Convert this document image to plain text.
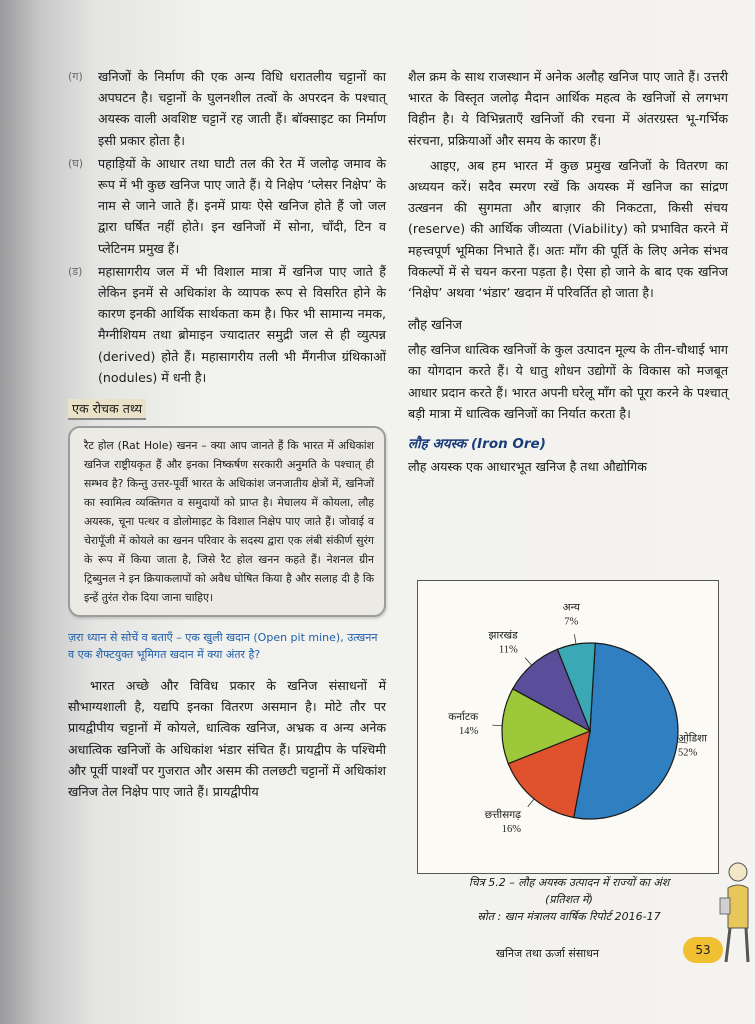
(ग) खनिजों के निर्माण की एक अन्य विधि धरातलीय चट्टानों का अपघटन है। चट्टानों के घुलनशील तत्वों के अपरदन के पश्चात् अयस्क वाली अवशिष्ट चट्टानें रह जाती हैं। बॉक्साइट का निर्माण इसी प्रकार होता है।

(घ) पहाड़ियों के आधार तथा घाटी तल की रेत में जलोढ़ जमाव के रूप में भी कुछ खनिज पाए जाते हैं। ये निक्षेप ‘प्लेसर निक्षेप’ के नाम से जाने जाते हैं। इनमें प्रायः ऐसे खनिज होते हैं जो जल द्वारा घर्षित नहीं होते। इन खनिजों में सोना, चाँदी, टिन व प्लेटिनम प्रमुख हैं।

(ड) महासागरीय जल में भी विशाल मात्रा में खनिज पाए जाते हैं लेकिन इनमें से अधिकांश के व्यापक रूप से विसरित होने के कारण इनकी आर्थिक सार्थकता कम है। फिर भी सामान्य नमक, मैग्नीशियम तथा ब्रोमाइन ज्यादातर समुद्री जल से ही व्युत्पन्न (derived) होते हैं। महासागरीय तली भी मैंगनीज ग्रंथिकाओं (nodules) में धनी है।

एक रोचक तथ्य

रैट होल (Rat Hole) खनन – क्या आप जानते हैं कि भारत में अधिकांश खनिज राष्ट्रीयकृत हैं और इनका निष्कर्षण सरकारी अनुमति के पश्चात् ही सम्भव है? किन्तु उत्तर-पूर्वी भारत के अधिकांश जनजातीय क्षेत्रों में, खनिजों का स्वामित्व व्यक्तिगत व समुदायों को प्राप्त है। मेघालय में कोयला, लौह अयस्क, चूना पत्थर व डोलोमाइट के विशाल निक्षेप पाए जाते हैं। जोवाई व चेरापूँजी में कोयले का खनन परिवार के सदस्य द्वारा एक लंबी संकीर्ण सुरंग के रूप में किया जाता है, जिसे रैट होल खनन कहते हैं। नेशनल ग्रीन ट्रिब्युनल ने इन क्रियाकलापों को अवैध घोषित किया है और सलाह दी है कि इन्हें तुरंत रोक दिया जाना चाहिए।

ज़रा ध्यान से सोचें व बताएँ – एक खुली खदान (Open pit mine), उत्खनन व एक शैफ्टयुक्त भूमिगत खदान में क्या अंतर है?

भारत अच्छे और विविध प्रकार के खनिज संसाधनों में सौभाग्यशाली है, यद्यपि इनका वितरण असमान है। मोटे तौर पर प्रायद्वीपीय चट्टानों में कोयले, धात्विक खनिज, अभ्रक व अन्य अनेक अधात्विक खनिजों के अधिकांश भंडार संचित हैं। प्रायद्वीप के पश्चिमी और पूर्वी पार्श्वों पर गुजरात और असम की तलछटी चट्टानों में अधिकांश खनिज तेल निक्षेप पाए जाते हैं। प्रायद्वीपीय

शैल क्रम के साथ राजस्थान में अनेक अलौह खनिज पाए जाते हैं। उत्तरी भारत के विस्तृत जलोढ़ मैदान आर्थिक महत्व के खनिजों से लगभग विहीन है। ये विभिन्नताएँ खनिजों की रचना में अंतरग्रस्त भू-गर्भिक संरचना, प्रक्रियाओं और समय के कारण हैं।

आइए, अब हम भारत में कुछ प्रमुख खनिजों के वितरण का अध्ययन करें। सदैव स्मरण रखें कि अयस्क में खनिज का सांद्रण उत्खनन की सुगमता और बाज़ार की निकटता, किसी संचय (reserve) की आर्थिक जीव्यता (Viability) को प्रभावित करने में महत्त्वपूर्ण भूमिका निभाते हैं। अतः माँग की पूर्ति के लिए अनेक संभव विकल्पों में से चयन करना पड़ता है। ऐसा हो जाने के बाद एक खनिज ‘निक्षेप’ अथवा ‘भंडार’ खदान में परिवर्तित हो जाता है।

लौह खनिज

लौह खनिज धात्विक खनिजों के कुल उत्पादन मूल्य के तीन-चौथाई भाग का योगदान करते हैं। ये धातु शोधन उद्योगों के विकास को मजबूत आधार प्रदान करते हैं। भारत अपनी घरेलू माँग को पूरा करने के पश्चात् बड़ी मात्रा में धात्विक खनिजों का निर्यात करता है।

लौह अयस्क (Iron Ore)

लौह अयस्क एक आधारभूत खनिज है तथा औद्योगिक

ओडिशा
52%
छत्तीसगढ़
16%
कर्नाटक
14%
झारखंड
11%
अन्य
7%
चित्र 5.2 – लौह अयस्क उत्पादन में राज्यों का अंश
(प्रतिशत में)
स्रोत : खान मंत्रालय वार्षिक रिपोर्ट 2016-17
खनिज तथा ऊर्जा संसाधन	53
